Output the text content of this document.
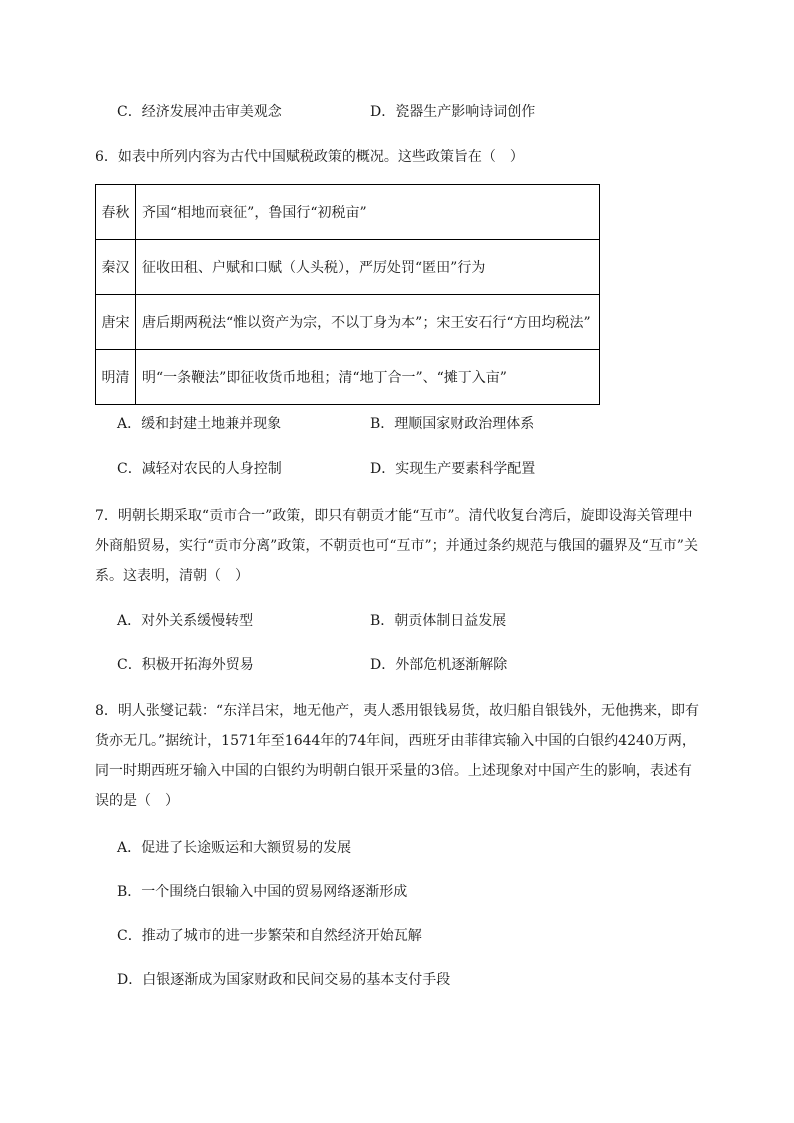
C．经济发展冲击审美观念	D．瓷器生产影响诗词创作
6．如表中所列内容为古代中国赋税政策的概况。这些政策旨在（　）
春秋	齐国“相地而衰征”，鲁国行“初税亩”
秦汉	征收田租、户赋和口赋（人头税），严厉处罚“匿田”行为
唐宋	唐后期两税法“惟以资产为宗，不以丁身为本”；宋王安石行“方田均税法”
明清	明“一条鞭法”即征收货币地租；清“地丁合一”、“摊丁入亩”
A．缓和封建土地兼并现象	B．理顺国家财政治理体系
C．减轻对农民的人身控制	D．实现生产要素科学配置
7．明朝长期采取“贡市合一”政策，即只有朝贡才能“互市”。清代收复台湾后，旋即设海关管理中
外商船贸易，实行“贡市分离”政策，不朝贡也可“互市”；并通过条约规范与俄国的疆界及“互市”关
系。这表明，清朝（　）
A．对外关系缓慢转型	B．朝贡体制日益发展
C．积极开拓海外贸易	D．外部危机逐渐解除
8．明人张燮记载：“东洋吕宋，地无他产，夷人悉用银钱易货，故归船自银钱外，无他携来，即有
货亦无几。”据统计，1571年至1644年的74年间，西班牙由菲律宾输入中国的白银约4240万两，
同一时期西班牙输入中国的白银约为明朝白银开采量的3倍。上述现象对中国产生的影响，表述有
误的是（　）
A．促进了长途贩运和大额贸易的发展
B．一个围绕白银输入中国的贸易网络逐渐形成
C．推动了城市的进一步繁荣和自然经济开始瓦解
D．白银逐渐成为国家财政和民间交易的基本支付手段
